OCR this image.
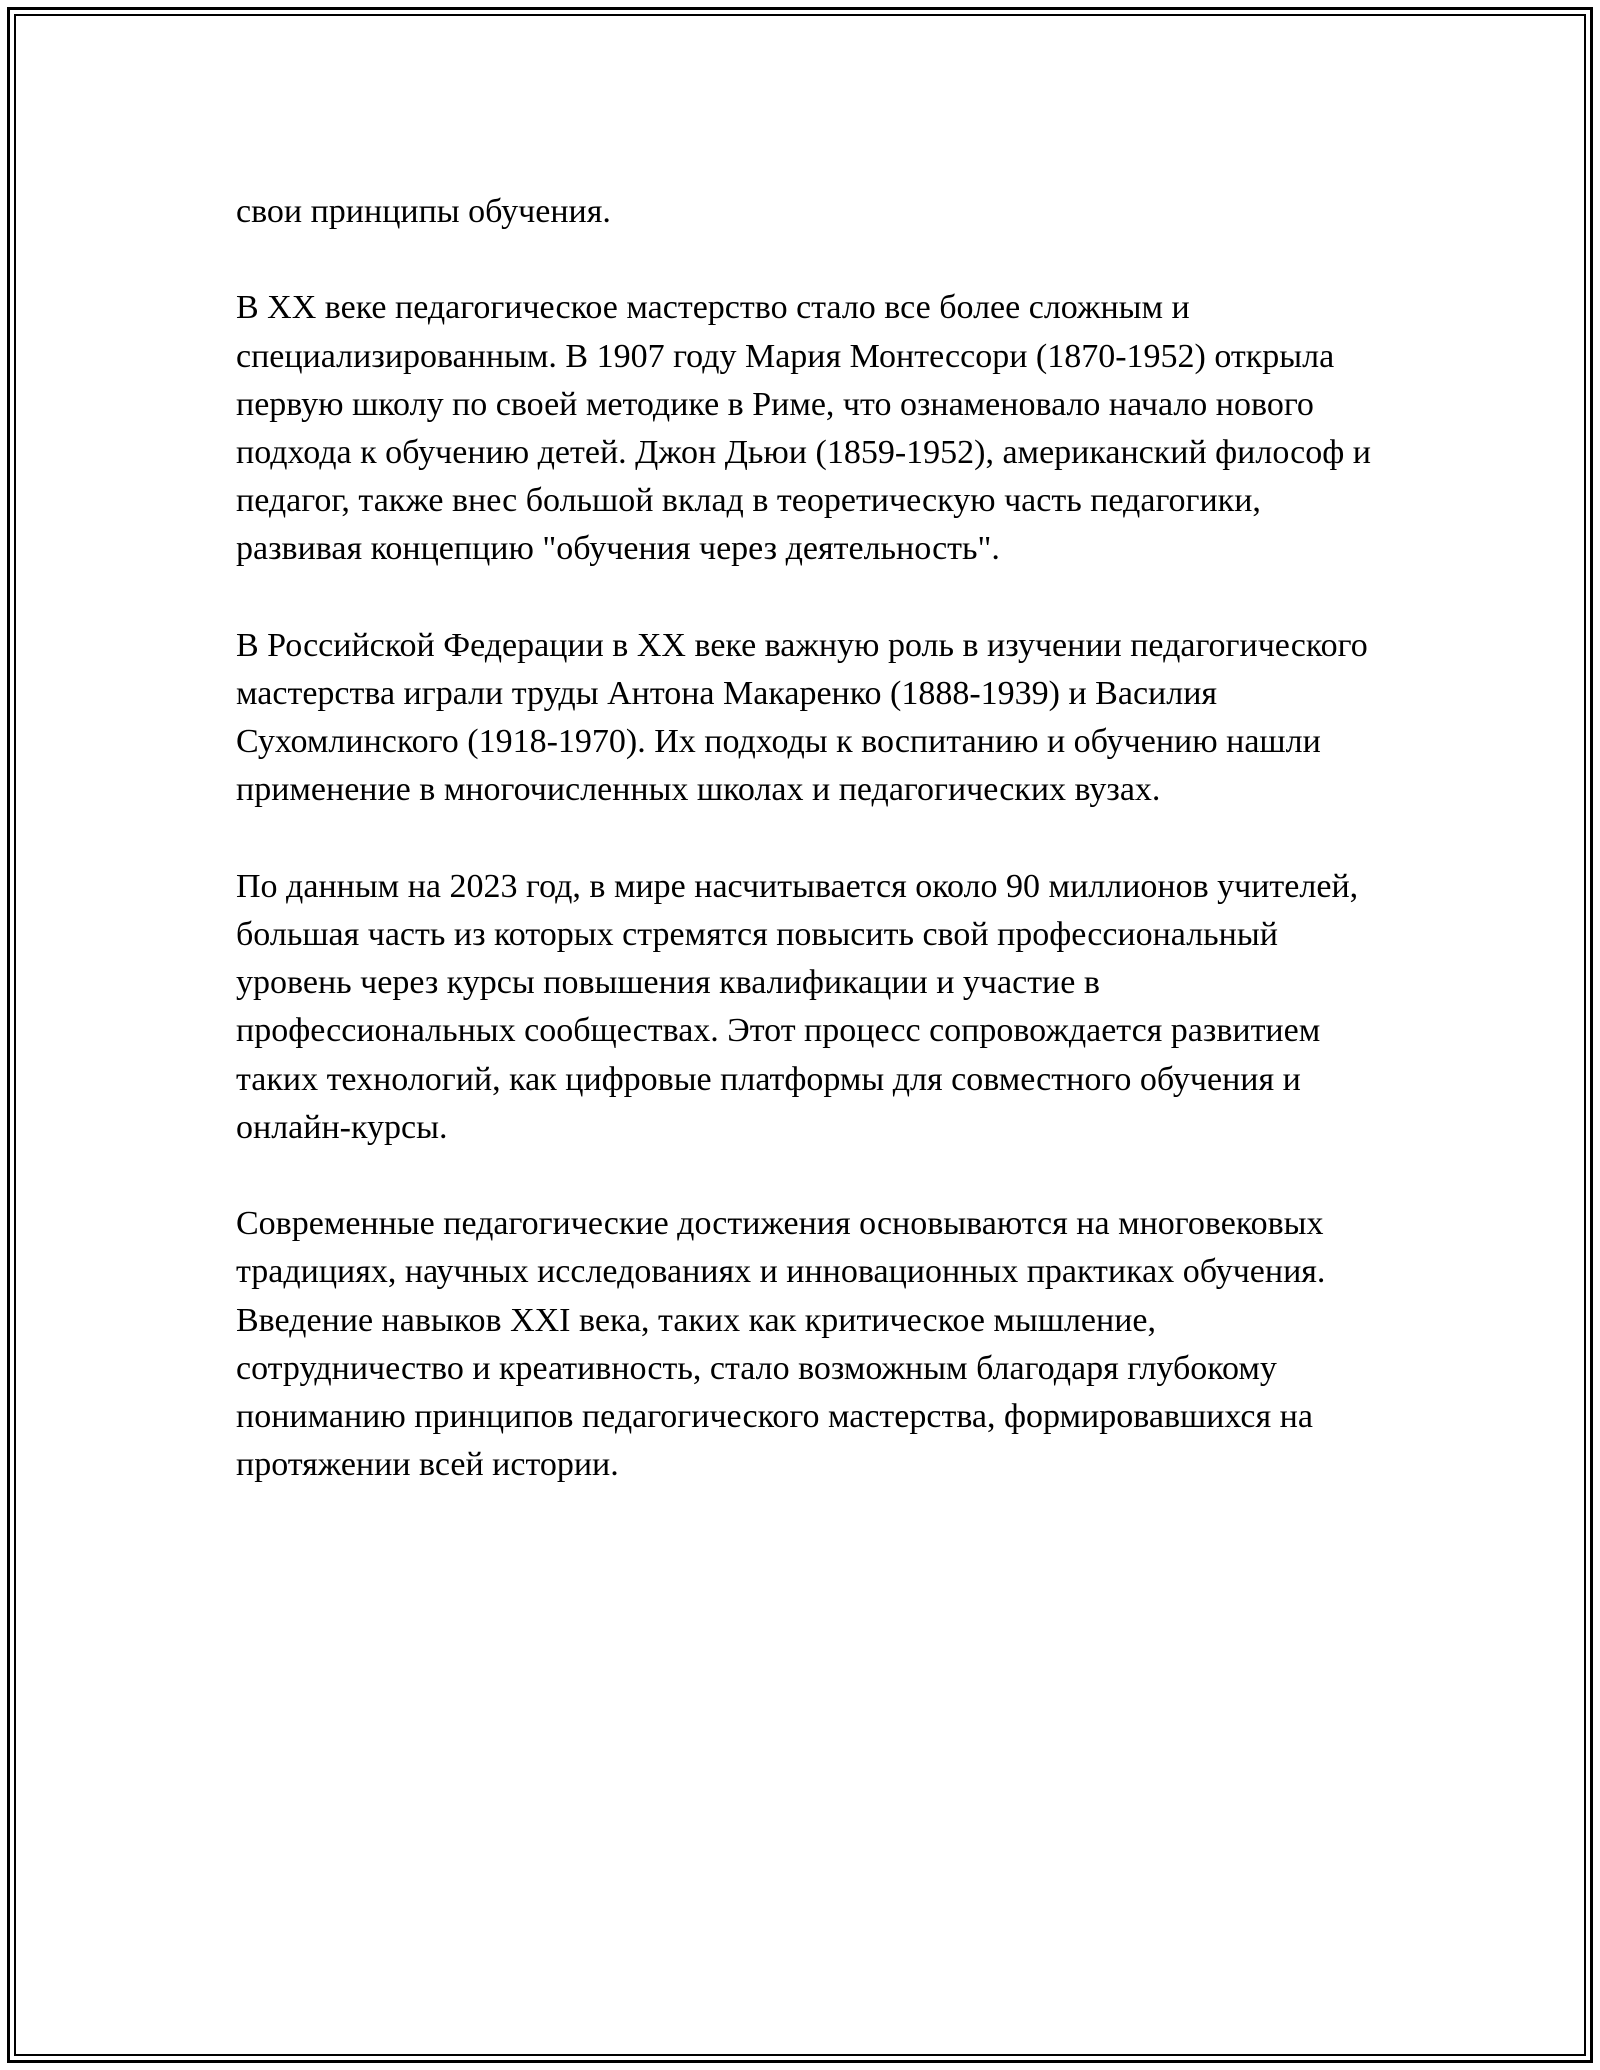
свои принципы обучения.

В XX веке педагогическое мастерство стало все более сложным и специализированным. В 1907 году Мария Монтессори (1870-1952) открыла первую школу по своей методике в Риме, что ознаменовало начало нового подхода к обучению детей. Джон Дьюи (1859-1952), американский философ и педагог, также внес большой вклад в теоретическую часть педагогики, развивая концепцию "обучения через деятельность".

В Российской Федерации в XX веке важную роль в изучении педагогического мастерства играли труды Антона Макаренко (1888-1939) и Василия Сухомлинского (1918-1970). Их подходы к воспитанию и обучению нашли применение в многочисленных школах и педагогических вузах.

По данным на 2023 год, в мире насчитывается около 90 миллионов учителей, большая часть из которых стремятся повысить свой профессиональный уровень через курсы повышения квалификации и участие в профессиональных сообществах. Этот процесс сопровождается развитием таких технологий, как цифровые платформы для совместного обучения и онлайн-курсы.

Современные педагогические достижения основываются на многовековых традициях, научных исследованиях и инновационных практиках обучения. Введение навыков XXI века, таких как критическое мышление, сотрудничество и креативность, стало возможным благодаря глубокому пониманию принципов педагогического мастерства, формировавшихся на протяжении всей истории.
